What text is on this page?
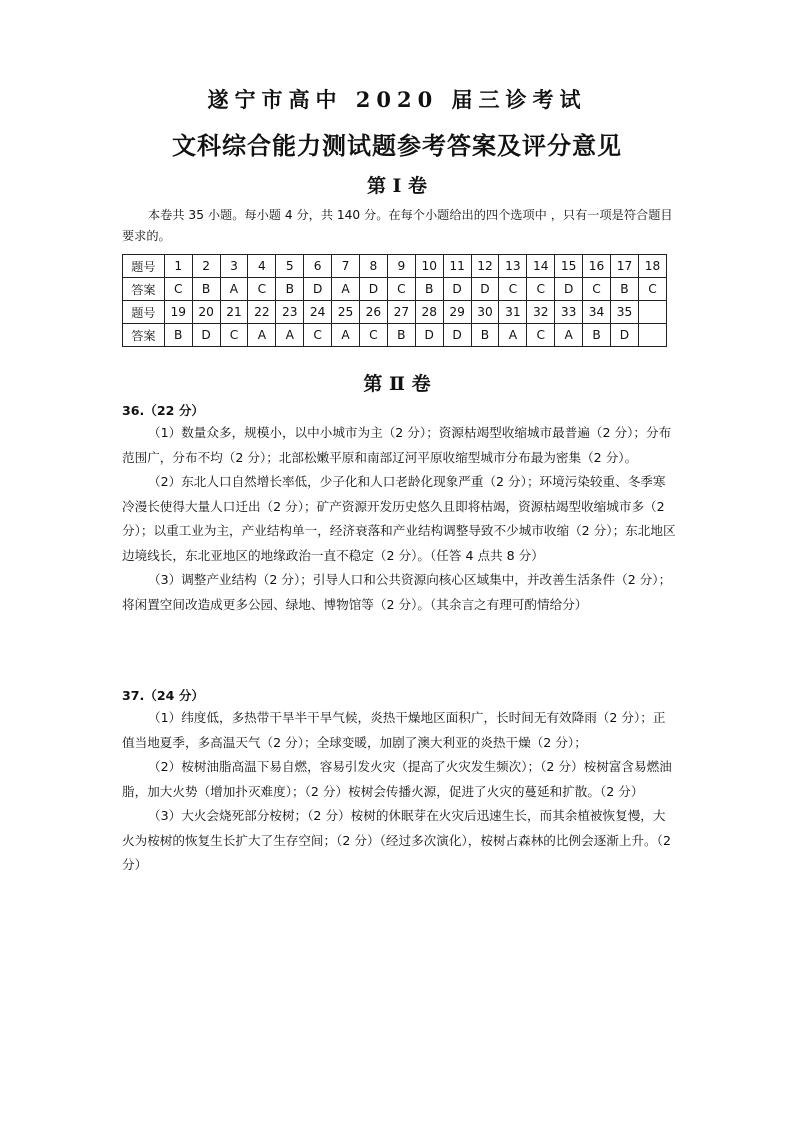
遂宁市高中 2020 届三诊考试
文科综合能力测试题参考答案及评分意见
第 Ⅰ 卷
本卷共 35 小题。每小题 4 分，共 140 分。在每个小题给出的四个选项中 ，只有一项是符合题目要求的。
题号	1	2	3	4	5	6	7	8	9	10	11	12	13	14	15	16	17	18
答案	C	B	A	C	B	D	A	D	C	B	D	D	C	C	D	C	B	C
题号	19	20	21	22	23	24	25	26	27	28	29	30	31	32	33	34	35	
答案	B	D	C	A	A	C	A	C	B	D	D	B	A	C	A	B	D	
第 Ⅱ 卷
36.（22 分）

（1）数量众多，规模小，以中小城市为主（2 分）；资源枯竭型收缩城市最普遍（2 分）；分布范围广，分布不均（2 分）；北部松嫩平原和南部辽河平原收缩型城市分布最为密集（2 分）。

（2）东北人口自然增长率低，少子化和人口老龄化现象严重（2 分）；环境污染较重、冬季寒冷漫长使得大量人口迁出（2 分）；矿产资源开发历史悠久且即将枯竭，资源枯竭型收缩城市多（2 分）；以重工业为主，产业结构单一，经济衰落和产业结构调整导致不少城市收缩（2 分）；东北地区边境线长，东北亚地区的地缘政治一直不稳定（2 分）。（任答 4 点共 8 分）

（3）调整产业结构（2 分）；引导人口和公共资源向核心区域集中，并改善生活条件（2 分）；将闲置空间改造成更多公园、绿地、博物馆等（2 分）。（其余言之有理可酌情给分）

37.（24 分）

（1）纬度低，多热带干旱半干旱气候，炎热干燥地区面积广，长时间无有效降雨（2 分）；正值当地夏季，多高温天气（2 分）；全球变暖，加剧了澳大利亚的炎热干燥（2 分）；

（2）桉树油脂高温下易自燃，容易引发火灾（提高了火灾发生频次）；（2 分）桉树富含易燃油脂，加大火势（增加扑灭难度）；（2 分）桉树会传播火源，促进了火灾的蔓延和扩散。（2 分）

（3）大火会烧死部分桉树；（2 分）桉树的休眠芽在火灾后迅速生长，而其余植被恢复慢，大火为桉树的恢复生长扩大了生存空间；（2 分）（经过多次演化），桉树占森林的比例会逐渐上升。（2 分）
